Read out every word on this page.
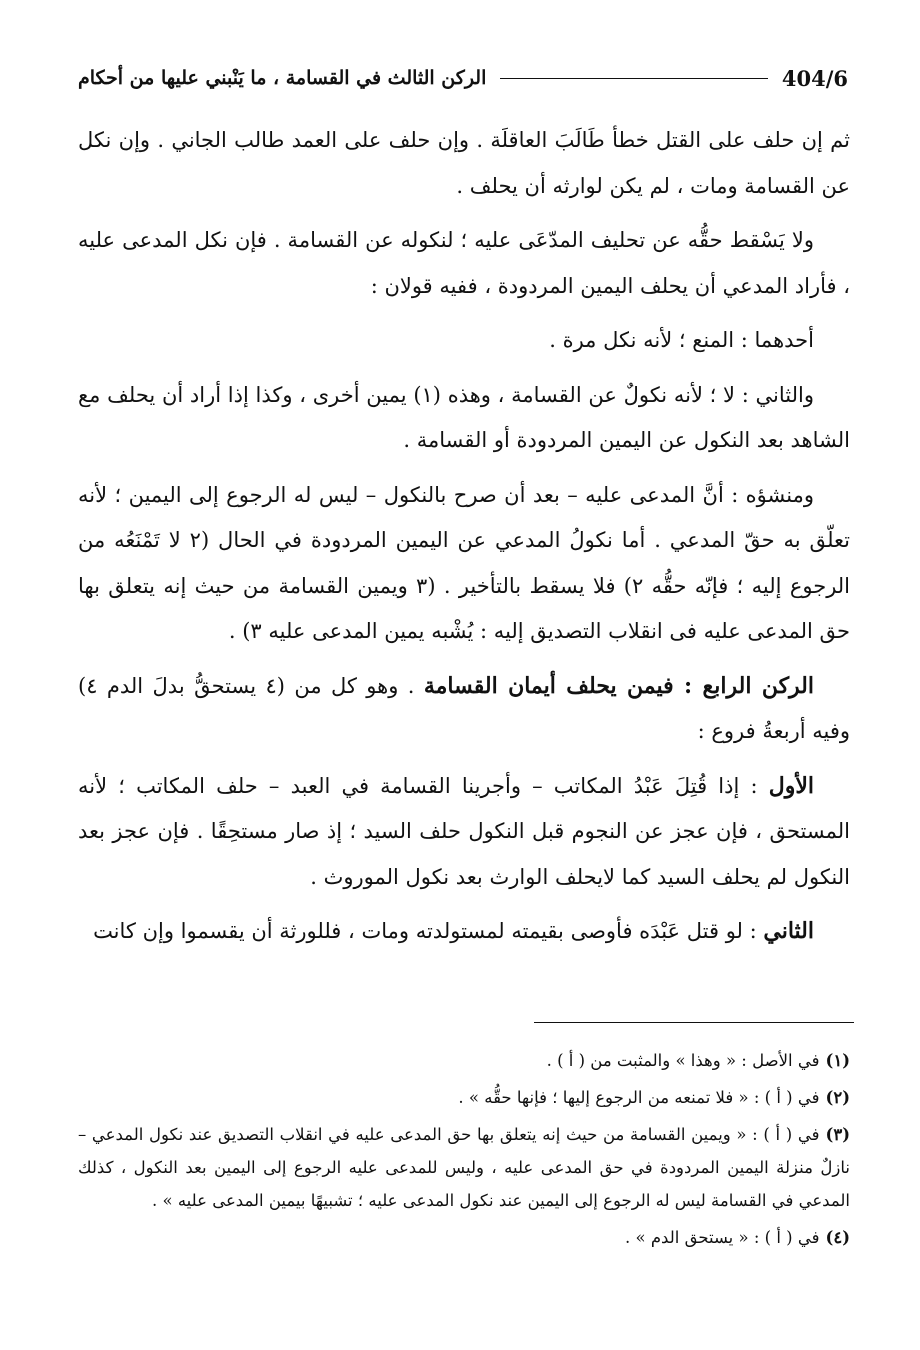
404/6
الركن الثالث في القسامة ، ما يَنْبني عليها من أحكام

ثم إن حلف على القتل خطأ طَالَبَ العاقلَة . وإن حلف على العمد طالب الجاني . وإن نكل عن القسامة ومات ، لم يكن لوارثه أن يحلف .

ولا يَسْقط حقُّه عن تحليف المدّعَى عليه ؛ لنكوله عن القسامة . فإن نكل المدعى عليه ، فأراد المدعي أن يحلف اليمين المردودة ، ففيه قولان :

أحدهما : المنع ؛ لأنه نكل مرة .

والثاني : لا ؛ لأنه نكولٌ عن القسامة ، وهذه (١) يمين أخرى ، وكذا إذا أراد أن يحلف مع الشاهد بعد النكول عن اليمين المردودة أو القسامة .

ومنشؤه : أنَّ المدعى عليه – بعد أن صرح بالنكول – ليس له الرجوع إلى اليمين ؛ لأنه تعلّق به حقّ المدعي . أما نكولُ المدعي عن اليمين المردودة في الحال (٢ لا تَمْنَعُه من الرجوع إليه ؛ فإنّه حقُّه ٢) فلا يسقط بالتأخير . (٣ ويمين القسامة من حيث إنه يتعلق بها حق المدعى عليه فى انقلاب التصديق إليه : يُشْبه يمين المدعى عليه ٣) .

الركن الرابع : فيمن يحلف أيمان القسامة . وهو كل من (٤ يستحقُّ بدلَ الدم ٤) وفيه أربعةُ فروع :

الأول : إذا قُتِلَ عَبْدُ المكاتب – وأجرينا القسامة في العبد – حلف المكاتب ؛ لأنه المستحق ، فإن عجز عن النجوم قبل النكول حلف السيد ؛ إذ صار مستحِقًا . فإن عجز بعد النكول لم يحلف السيد كما لايحلف الوارث بعد نكول الموروث .

الثاني : لو قتل عَبْدَه فأوصى بقيمته لمستولدته ومات ، فللورثة أن يقسموا وإن كانت

(١)في الأصل : « وهذا » والمثبت من ( أ ) .
(٢)في ( أ ) : « فلا تمنعه من الرجوع إليها ؛ فإنها حقُّه » .
(٣)في ( أ ) : « ويمين القسامة من حيث إنه يتعلق بها حق المدعى عليه في انقلاب التصديق عند نكول المدعي – نازلٌ منزلة اليمين المردودة في حق المدعى عليه ، وليس للمدعى عليه الرجوع إلى اليمين بعد النكول ، كذلك المدعي في القسامة ليس له الرجوع إلى اليمين عند نكول المدعى عليه ؛ تشبيهًا بيمين المدعى عليه » .
(٤)في ( أ ) : « يستحق الدم » .
